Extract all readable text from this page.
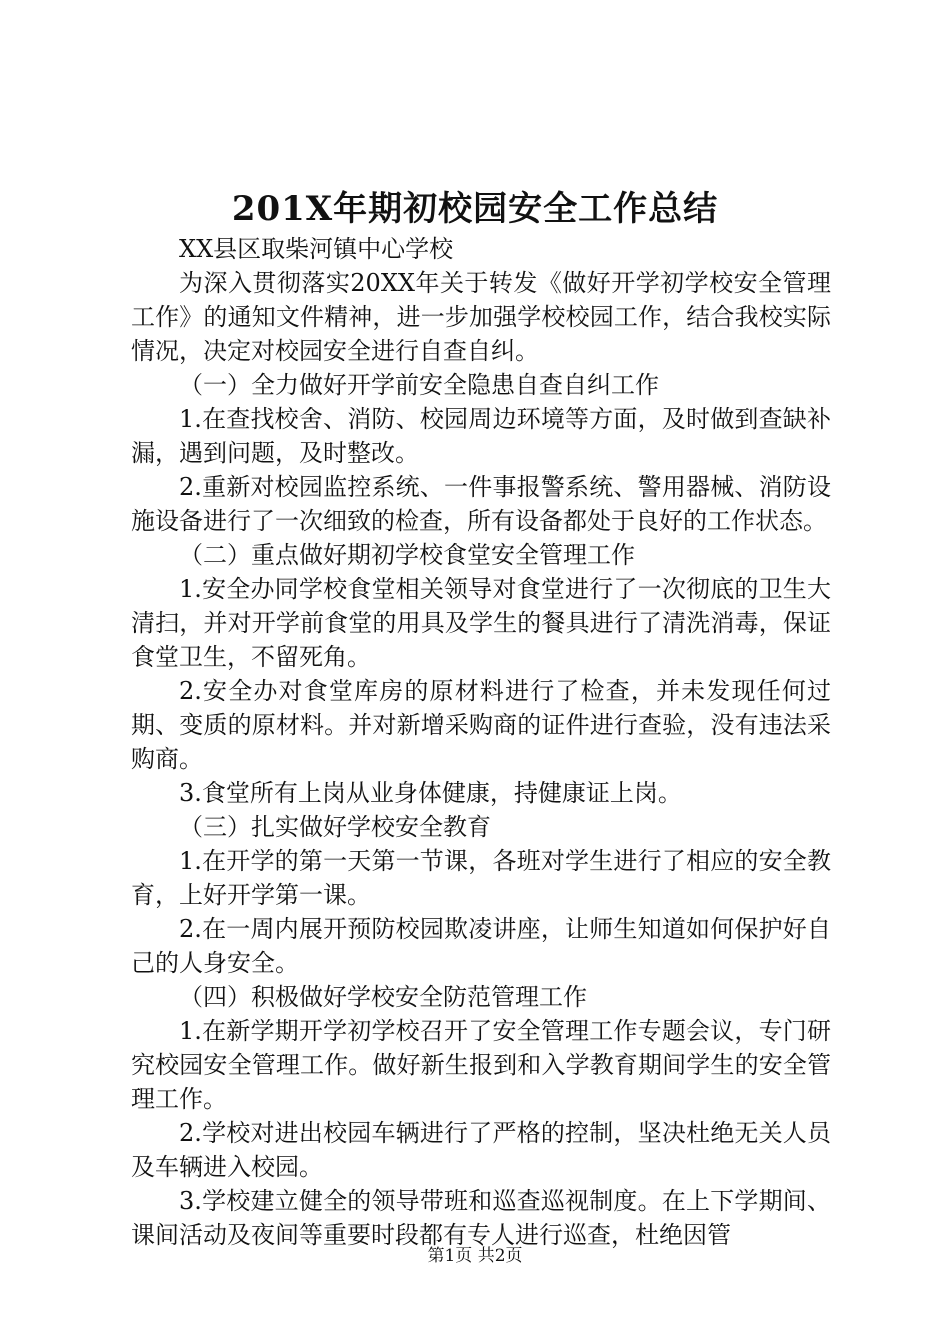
201X年期初校园安全工作总结

XX县区取柴河镇中心学校

为深入贯彻落实20XX年关于转发《做好开学初学校安全管理工作》的通知文件精神，进一步加强学校校园工作，结合我校实际情况，决定对校园安全进行自查自纠。

（一）全力做好开学前安全隐患自查自纠工作

1.在查找校舍、消防、校园周边环境等方面，及时做到查缺补漏，遇到问题，及时整改。

2.重新对校园监控系统、一件事报警系统、警用器械、消防设施设备进行了一次细致的检查，所有设备都处于良好的工作状态。

（二）重点做好期初学校食堂安全管理工作

1.安全办同学校食堂相关领导对食堂进行了一次彻底的卫生大清扫，并对开学前食堂的用具及学生的餐具进行了清洗消毒，保证食堂卫生，不留死角。

2.安全办对食堂库房的原材料进行了检查，并未发现任何过期、变质的原材料。并对新增采购商的证件进行查验，没有违法采购商。

3.食堂所有上岗从业身体健康，持健康证上岗。

（三）扎实做好学校安全教育

1.在开学的第一天第一节课，各班对学生进行了相应的安全教育，上好开学第一课。

2.在一周内展开预防校园欺凌讲座，让师生知道如何保护好自己的人身安全。

（四）积极做好学校安全防范管理工作

1.在新学期开学初学校召开了安全管理工作专题会议，专门研究校园安全管理工作。做好新生报到和入学教育期间学生的安全管理工作。

2.学校对进出校园车辆进行了严格的控制，坚决杜绝无关人员及车辆进入校园。

3.学校建立健全的领导带班和巡查巡视制度。在上下学期间、课间活动及夜间等重要时段都有专人进行巡查，杜绝因管

第1页 共2页
